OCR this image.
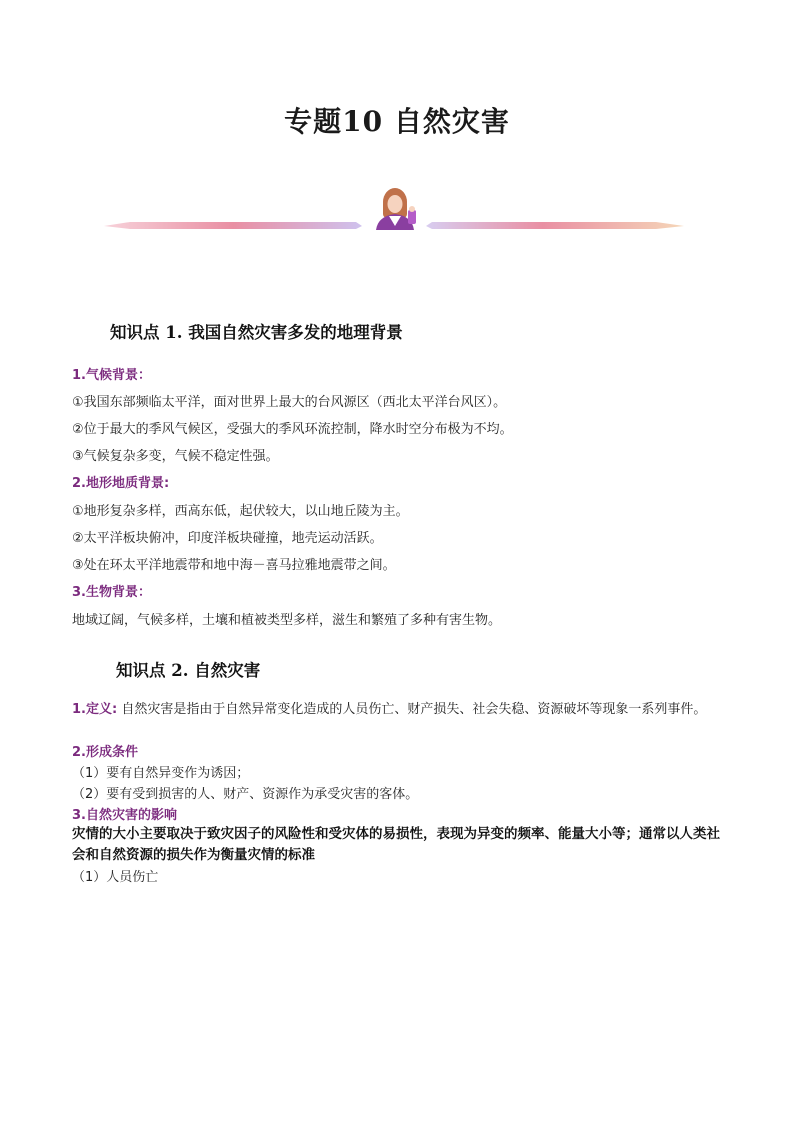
专题10 自然灾害
知识点 1. 我国自然灾害多发的地理背景
1.气候背景：
①我国东部频临太平洋，面对世界上最大的台风源区（西北太平洋台风区）。
②位于最大的季风气候区，受强大的季风环流控制，降水时空分布极为不均。
③气候复杂多变，气候不稳定性强。
2.地形地质背景:
①地形复杂多样，西高东低，起伏较大，以山地丘陵为主。
②太平洋板块俯冲，印度洋板块碰撞，地壳运动活跃。
③处在环太平洋地震带和地中海－喜马拉雅地震带之间。
3.生物背景：
地域辽阔，气候多样，土壤和植被类型多样，滋生和繁殖了多种有害生物。
知识点 2. 自然灾害
1.定义: 自然灾害是指由于自然异常变化造成的人员伤亡、财产损失、社会失稳、资源破坏等现象一系列事件。
2.形成条件
（1）要有自然异变作为诱因；
（2）要有受到损害的人、财产、资源作为承受灾害的客体。
3.自然灾害的影响
灾情的大小主要取决于致灾因子的风险性和受灾体的易损性，表现为异变的频率、能量大小等；通常以人类社会和自然资源的损失作为衡量灾情的标准
（1）人员伤亡
